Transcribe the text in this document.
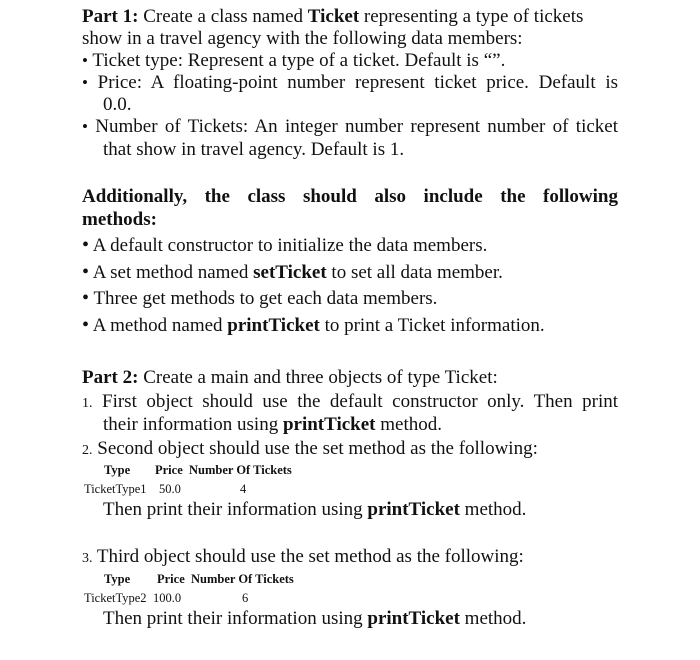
Part 1: Create a class named Ticket representing a type of tickets
show in a travel agency with the following data members:
• Ticket type: Represent a type of a ticket. Default is “”.
• Price: A floating-point number represent ticket price. Default is
0.0.
• Number of Tickets: An integer number represent number of ticket
that show in travel agency. Default is 1.
Additionally, the class should also include the following
methods:
• A default constructor to initialize the data members.
• A set method named setTicket to set all data member.
• Three get methods to get each data members.
• A method named printTicket to print a Ticket information.
Part 2: Create a main and three objects of type Ticket:
1. First object should use the default constructor only. Then print
their information using printTicket method.
2. Second object should use the set method as the following:
Type Price Number Of Tickets
TicketType1 50.0	4
Then print their information using printTicket method.
3. Third object should use the set method as the following:
Type Price Number Of Tickets
TicketType2 100.0	6
Then print their information using printTicket method.
